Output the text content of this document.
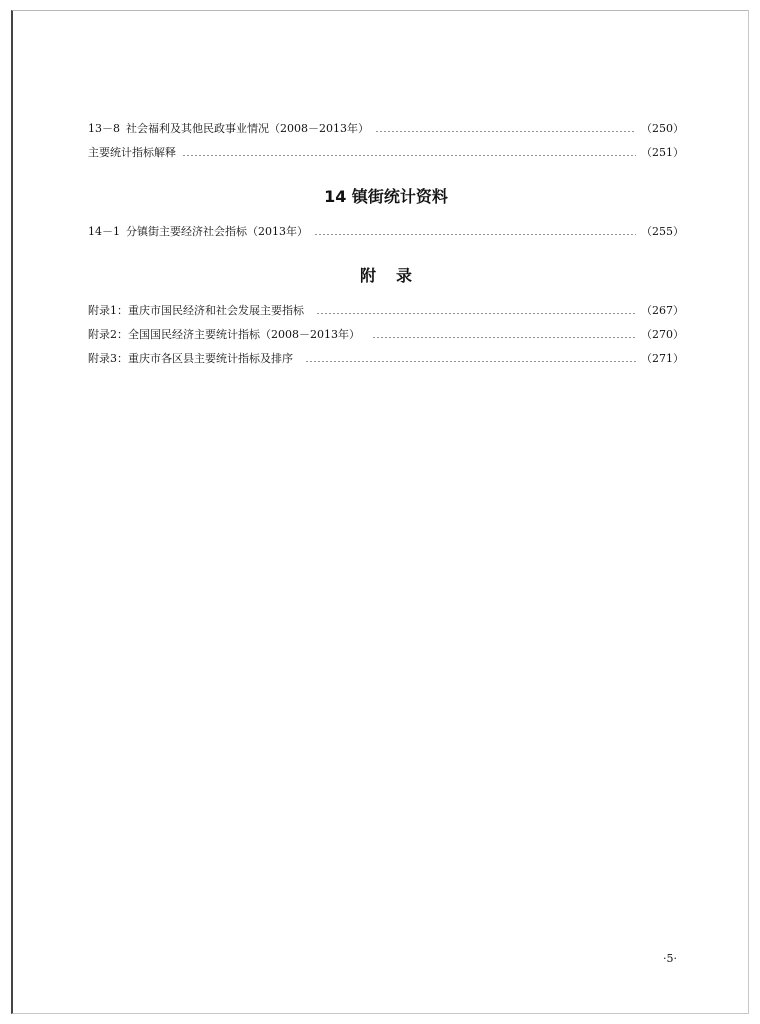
13－8 社会福利及其他民政事业情况（2008－2013年）	（250）
主要统计指标解释	（251）
14 镇街统计资料
14－1 分镇街主要经济社会指标（2013年）	（255）
附录
附录1：重庆市国民经济和社会发展主要指标	（267）
附录2：全国国民经济主要统计指标（2008－2013年）	（270）
附录3：重庆市各区县主要统计指标及排序	（271）
·5·
